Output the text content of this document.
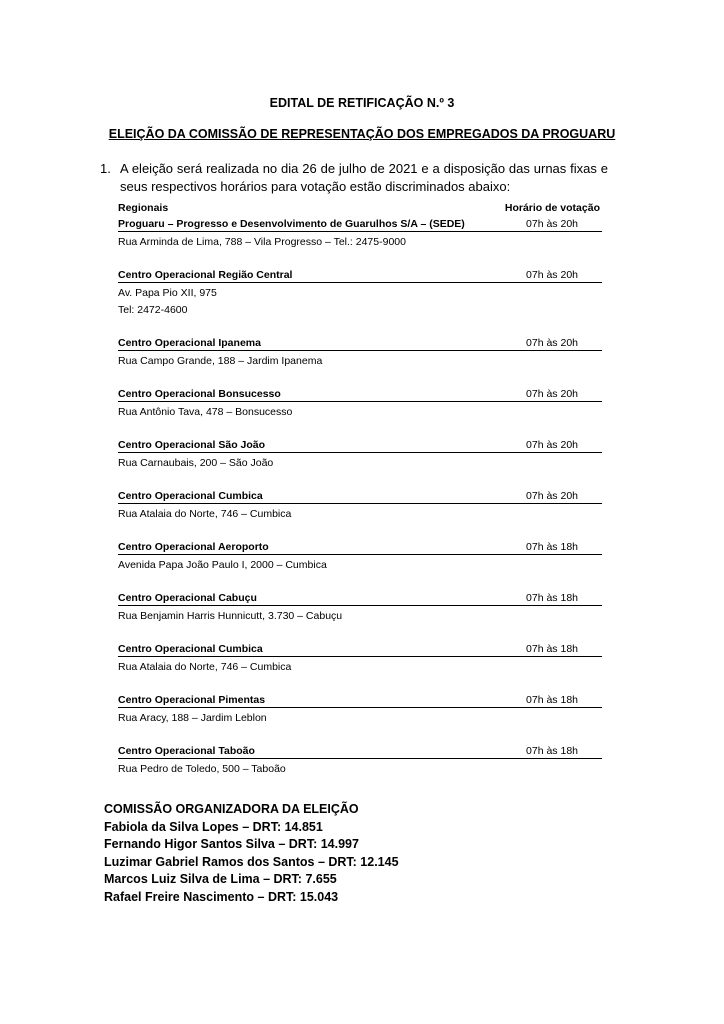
EDITAL DE RETIFICAÇÃO N.º 3
ELEIÇÃO DA COMISSÃO DE REPRESENTAÇÃO DOS EMPREGADOS DA PROGUARU
1. A eleição será realizada no dia 26 de julho de 2021 e a disposição das urnas fixas e seus respectivos horários para votação estão discriminados abaixo:
Regionais	Horário de votação
Proguaru – Progresso e Desenvolvimento de Guarulhos S/A – (SEDE)	07h às 20h
Rua Arminda de Lima, 788 – Vila Progresso – Tel.: 2475-9000
Centro Operacional Região Central	07h às 20h
Av. Papa Pio XII, 975
Tel: 2472-4600
Centro Operacional Ipanema	07h às 20h
Rua Campo Grande, 188 – Jardim Ipanema
Centro Operacional Bonsucesso	07h às 20h
Rua Antônio Tava, 478 – Bonsucesso
Centro Operacional São João	07h às 20h
Rua Carnaubais, 200 – São João
Centro Operacional Cumbica	07h às 20h
Rua Atalaia do Norte, 746 – Cumbica
Centro Operacional Aeroporto	07h às 18h
Avenida Papa João Paulo I, 2000 – Cumbica
Centro Operacional Cabuçu	07h às 18h
Rua Benjamin Harris Hunnicutt, 3.730 – Cabuçu
Centro Operacional Cumbica	07h às 18h
Rua Atalaia do Norte, 746 – Cumbica
Centro Operacional Pimentas	07h às 18h
Rua Aracy, 188 – Jardim Leblon
Centro Operacional Taboão	07h às 18h
Rua Pedro de Toledo, 500 – Taboão
COMISSÃO ORGANIZADORA DA ELEIÇÃO
Fabiola da Silva Lopes – DRT: 14.851
Fernando Higor Santos Silva – DRT: 14.997
Luzimar Gabriel Ramos dos Santos – DRT: 12.145
Marcos Luiz Silva de Lima – DRT: 7.655
Rafael Freire Nascimento – DRT: 15.043
